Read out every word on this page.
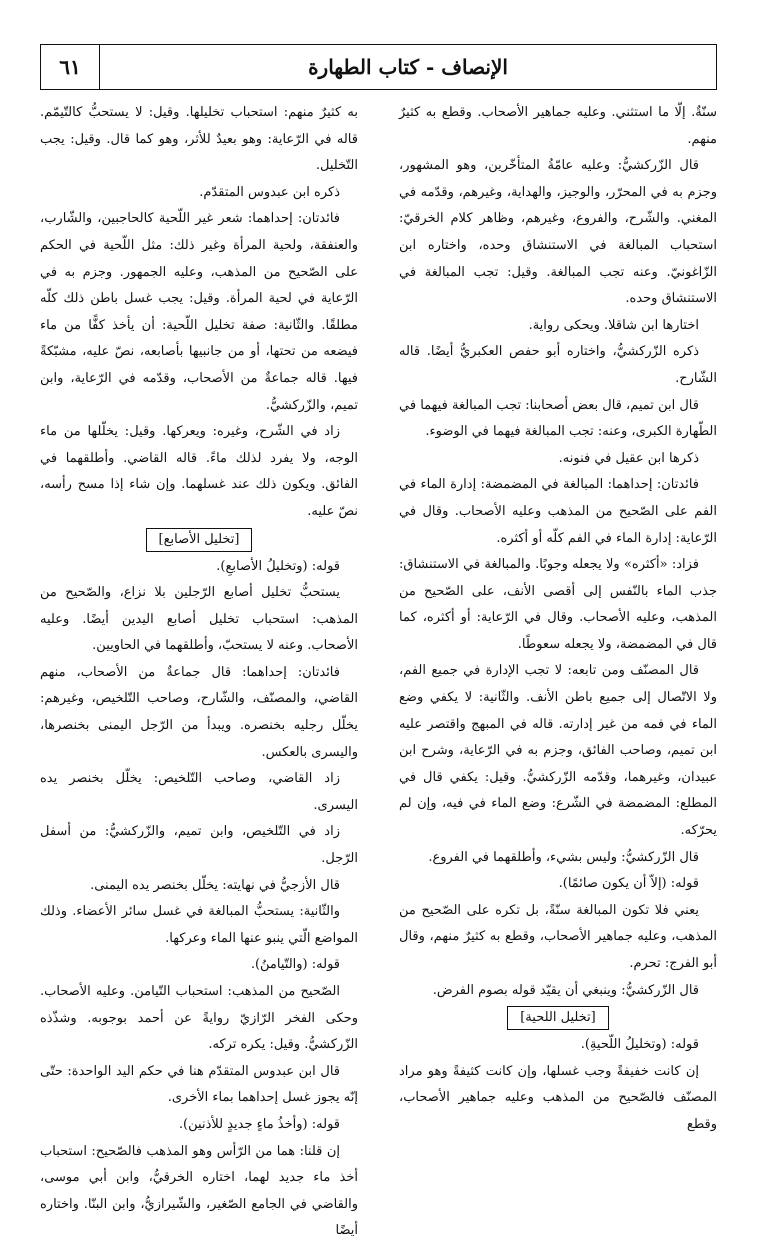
الإنصاف - كتاب الطهارة
٦١

سنّةٌ. إلّا ما استثني. وعليه جماهير الأصحاب. وقطع به كثيرٌ منهم.

قال الزّركشيُّ: وعليه عامّةُ المتأخّرين، وهو المشهور، وجزم به في المحرّر، والوجيز، والهداية، وغيرهم، وقدّمه في المغني. والشّرح، والفروع، وغيرهم، وظاهر كلام الخرقيّ: استحباب المبالغة في الاستنشاق وحده، واختاره ابن الزّاغونيّ. وعنه تجب المبالغة. وقيل: تجب المبالغة في الاستنشاق وحده.

اختارها ابن شاقلا. ويحكى رواية.

ذكره الزّركشيُّ، واختاره أبو حفص العكبريُّ أيضًا. قاله الشّارح.

قال ابن تميم، قال بعض أصحابنا: تجب المبالغة فيهما في الطّهارة الكبرى، وعنه: تجب المبالغة فيهما في الوضوء.

ذكرها ابن عقيل في فنونه.

فائدتان: إحداهما: المبالغة في المضمضة: إدارة الماء في الفم على الصّحيح من المذهب وعليه الأصحاب. وقال في الرّعاية: إدارة الماء في الفم كلّه أو أكثره.

فزاد: «أكثره» ولا يجعله وجوبًا. والمبالغة في الاستنشاق: جذب الماء بالنّفس إلى أقصى الأنف، على الصّحيح من المذهب، وعليه الأصحاب. وقال في الرّعاية: أو أكثره، كما قال في المضمضة، ولا يجعله سعوطًا.

قال المصنّف ومن تابعه: لا تجب الإدارة في جميع الفم، ولا الاتّصال إلى جميع باطن الأنف. والثّانية: لا يكفي وضع الماء في فمه من غير إدارته. قاله في المبهج واقتصر عليه ابن تميم، وصاحب الفائق، وجزم به في الرّعاية، وشرح ابن عبيدان، وغيرهما، وقدّمه الزّركشيُّ. وقيل: يكفي قال في المطلع: المضمضة في الشّرع: وضع الماء في فيه، وإن لم يحرّكه.

قال الزّركشيُّ: وليس بشيء، وأطلقهما في الفروع.

قوله: (إلاّ أن يكون صائمًا).

يعني فلا تكون المبالغة سنّةً، بل تكره على الصّحيح من المذهب، وعليه جماهير الأصحاب، وقطع به كثيرٌ منهم، وقال أبو الفرج: تحرم.

قال الزّركشيُّ: وينبغي أن يقيّد قوله بصوم الفرض.

[تخليل اللحية]

قوله: (وتخليلُ اللّحيةِ).

إن كانت خفيفةً وجب غسلها، وإن كانت كثيفةً وهو مراد المصنّف فالصّحيح من المذهب وعليه جماهير الأصحاب، وقطع

به كثيرٌ منهم: استحباب تخليلها. وقيل: لا يستحبُّ كالتّيمّم. قاله في الرّعاية: وهو بعيدٌ للأثر، وهو كما قال. وقيل: يجب التّخليل.

ذكره ابن عبدوس المتقدّم.

فائدتان: إحداهما: شعر غير اللّحية كالحاجبين، والشّارب، والعنفقة، ولحية المرأة وغير ذلك: مثل اللّحية في الحكم على الصّحيح من المذهب، وعليه الجمهور. وجزم به في الرّعاية في لحية المرأة. وقيل: يجب غسل باطن ذلك كلّه مطلقًا. والثّانية: صفة تخليل اللّحية: أن يأخذ كفًّا من ماء فيضعه من تحتها، أو من جانبيها بأصابعه، نصّ عليه، مشبّكةً فيها. قاله جماعةٌ من الأصحاب، وقدّمه في الرّعاية، وابن تميم، والزّركشيُّ.

زاد في الشّرح، وغيره: ويعركها. وقيل: يخلّلها من ماء الوجه، ولا يفرد لذلك ماءً. قاله القاضي. وأطلقهما في الفائق. ويكون ذلك عند غسلهما. وإن شاء إذا مسح رأسه، نصّ عليه.

[تخليل الأصابع]

قوله: (وتخليلُ الأصابعِ).

يستحبُّ تخليل أصابع الرّجلين بلا نزاع، والصّحيح من المذهب: استحباب تخليل أصابع اليدين أيضًا. وعليه الأصحاب. وعنه لا يستحبّ، وأطلقهما في الحاويين.

فائدتان: إحداهما: قال جماعةٌ من الأصحاب، منهم القاضي، والمصنّف، والشّارح، وصاحب التّلخيص، وغيرهم: يخلّل رجليه بخنصره. ويبدأ من الرّجل اليمنى بخنصرها، واليسرى بالعكس.

زاد القاضي، وصاحب التّلخيص: يخلّل بخنصر يده اليسرى.

زاد في التّلخيص، وابن تميم، والزّركشيُّ: من أسفل الرّجل.

قال الأزجيُّ في نهايته: يخلّل بخنصر يده اليمنى.

والثّانية: يستحبُّ المبالغة في غسل سائر الأعضاء. وذلك المواضع الّتي ينبو عنها الماء وعركها.

قوله: (والتّيامنُ).

الصّحيح من المذهب: استحباب التّيامن. وعليه الأصحاب. وحكى الفخر الرّازيّ روايةً عن أحمد بوجوبه. وشذّذه الزّركشيُّ. وقيل: يكره تركه.

قال ابن عبدوس المتقدّم هنا في حكم اليد الواحدة: حتّى إنّه يجوز غسل إحداهما بماء الأخرى.

قوله: (وأخذُ ماءٍ جديدٍ للأذنين).

إن قلنا: هما من الرّأس وهو المذهب فالصّحيح: استحباب أخذ ماء جديد لهما، اختاره الخرقيُّ، وابن أبي موسى، والقاضي في الجامع الصّغير، والشّيرازيُّ، وابن البنّا. واختاره أيضًا
